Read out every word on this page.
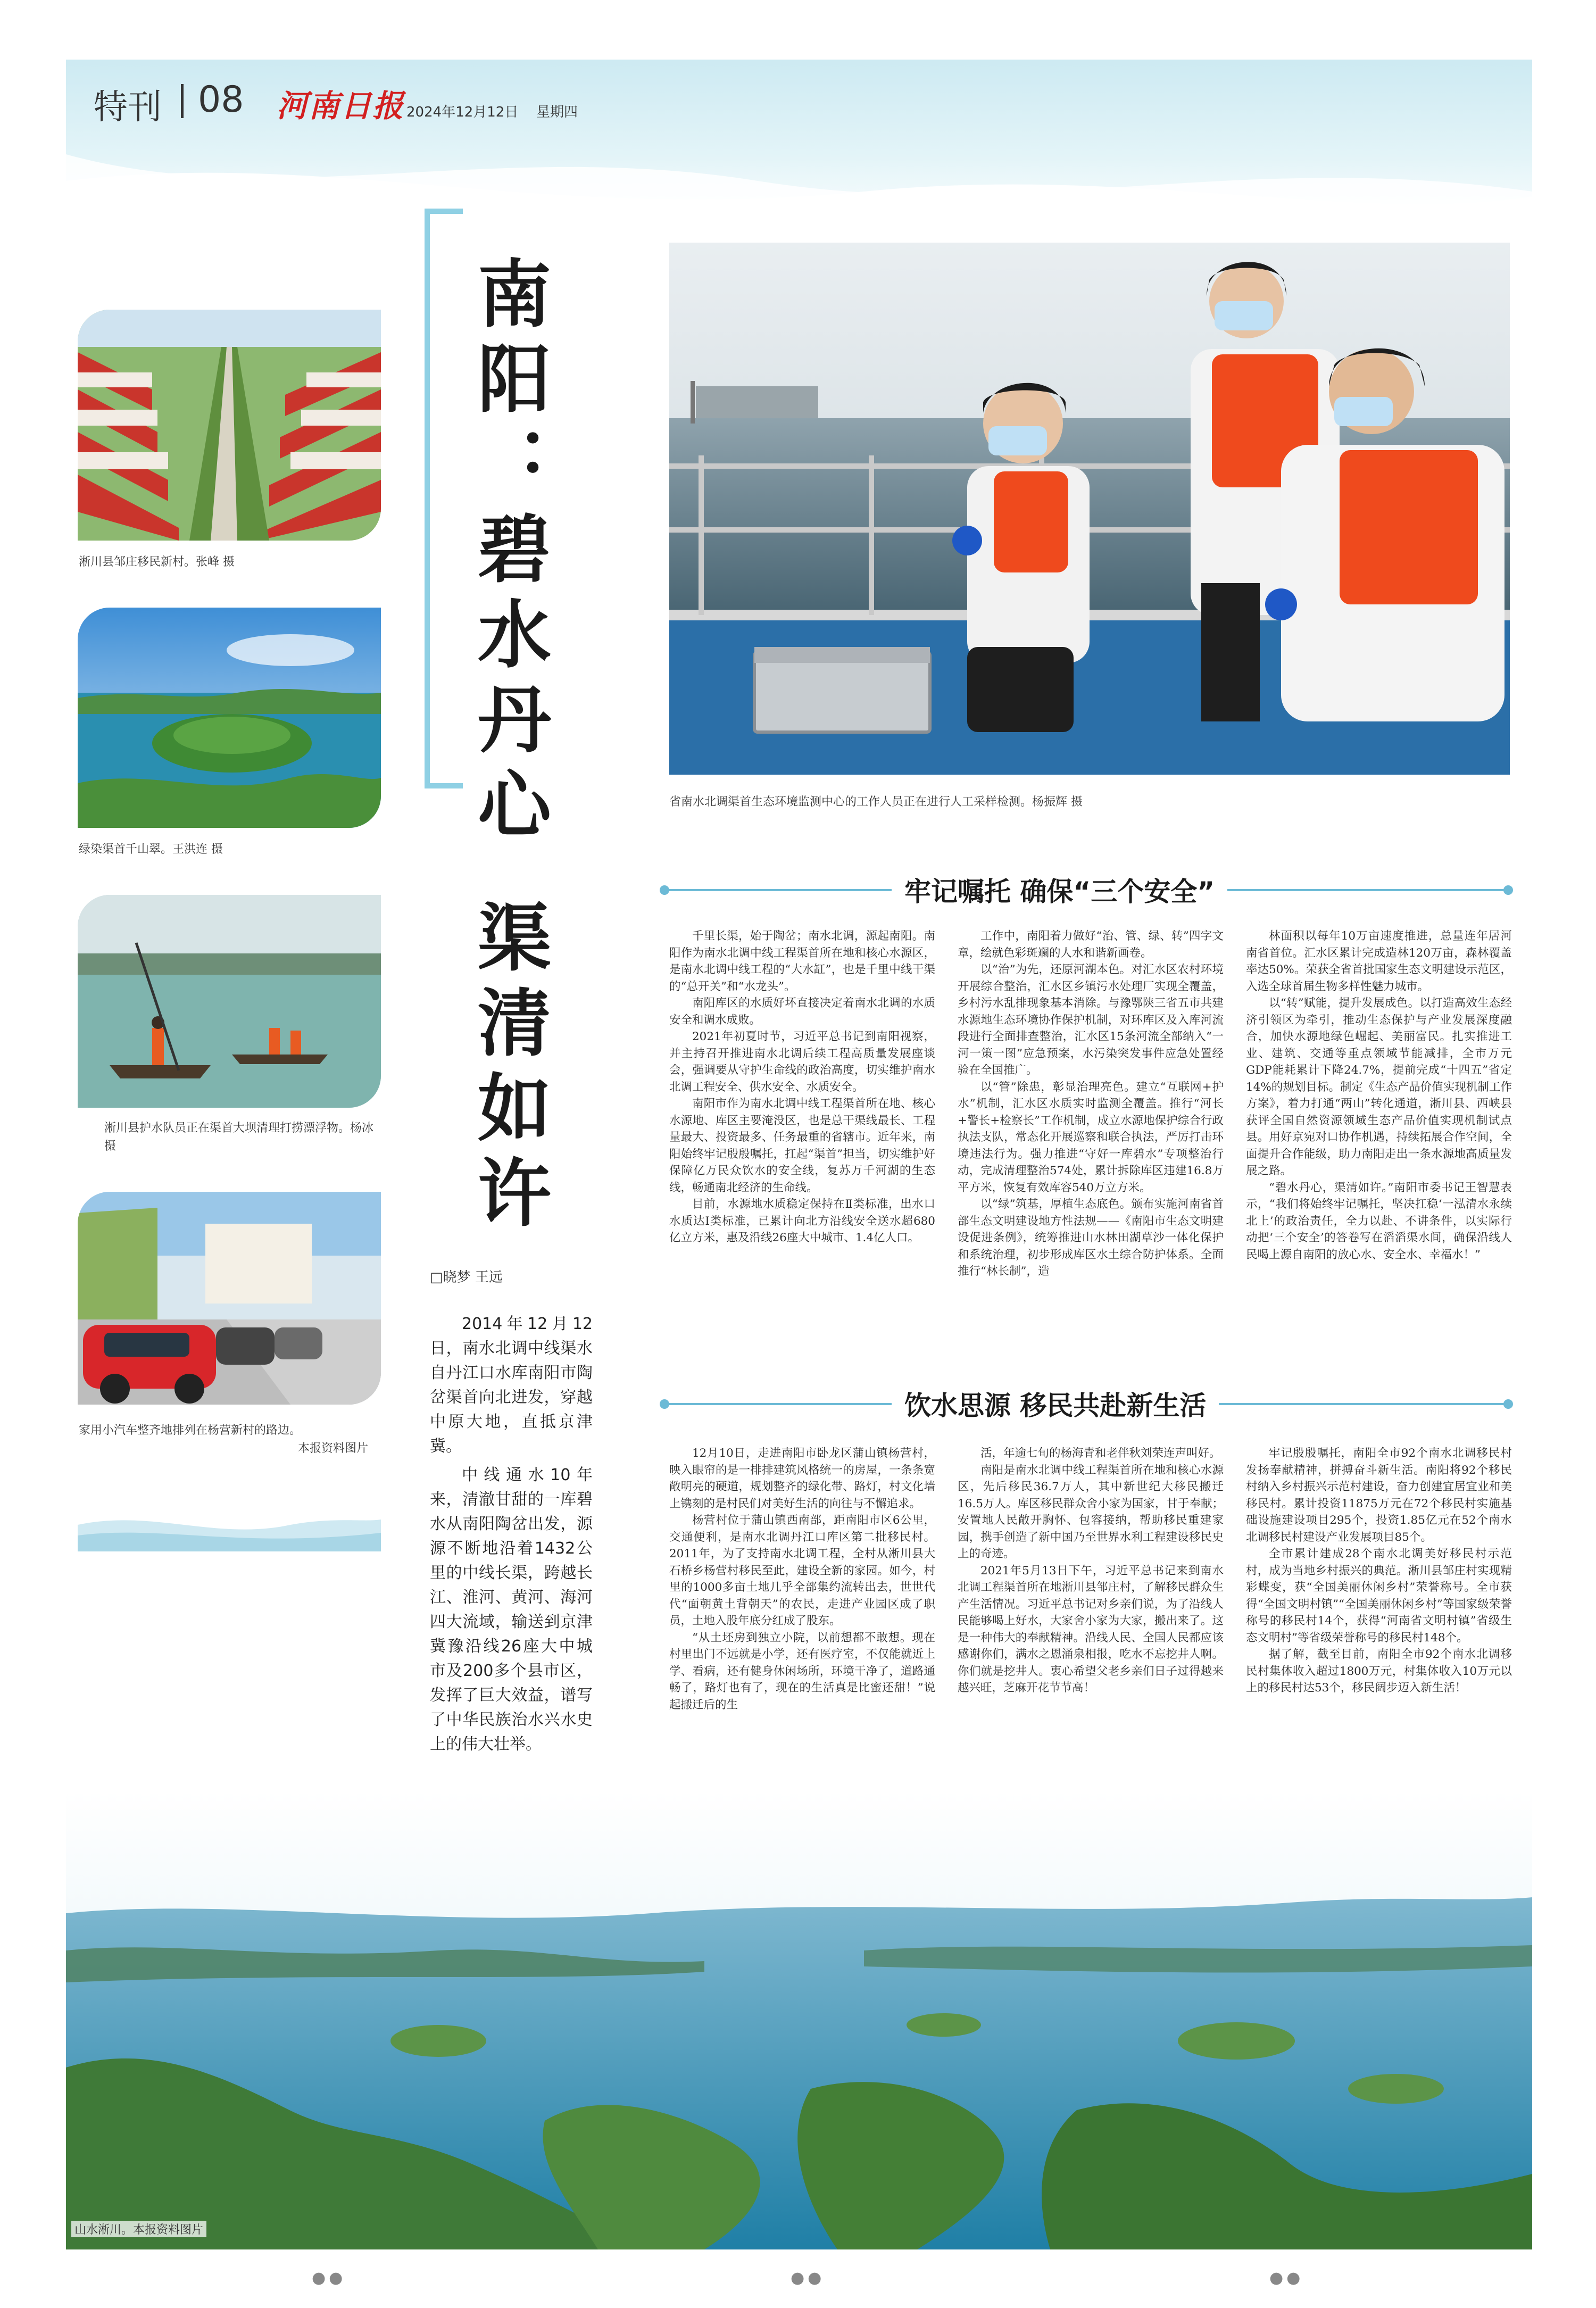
特刊 08 河南日报 2024年12月12日 星期四
淅川县邹庄移民新村。张峰 摄
绿染渠首千山翠。王洪连 摄
淅川县护水队员正在渠首大坝清理打捞漂浮物。杨冰 摄
家用小汽车整齐地排列在杨营新村的路边。
本报资料图片
南阳：碧水丹心
渠清如许
□晓梦 王远

2014年12月12日，南水北调中线渠水自丹江口水库南阳市陶岔渠首向北进发，穿越中原大地，直抵京津冀。

中线通水10年来，清澈甘甜的一库碧水从南阳陶岔出发，源源不断地沿着1432公里的中线长渠，跨越长江、淮河、黄河、海河四大流域，输送到京津冀豫沿线26座大中城市及200多个县市区，发挥了巨大效益，谱写了中华民族治水兴水史上的伟大壮举。

省南水北调渠首生态环境监测中心的工作人员正在进行人工采样检测。杨振辉 摄
牢记嘱托 确保“三个安全”

千里长渠，始于陶岔；南水北调，源起南阳。南阳作为南水北调中线工程渠首所在地和核心水源区，是南水北调中线工程的“大水缸”，也是千里中线干渠的“总开关”和“水龙头”。

南阳库区的水质好坏直接决定着南水北调的水质安全和调水成败。

2021年初夏时节，习近平总书记到南阳视察，并主持召开推进南水北调后续工程高质量发展座谈会，强调要从守护生命线的政治高度，切实维护南水北调工程安全、供水安全、水质安全。

南阳市作为南水北调中线工程渠首所在地、核心水源地、库区主要淹没区，也是总干渠线最长、工程量最大、投资最多、任务最重的省辖市。近年来，南阳始终牢记殷殷嘱托，扛起“渠首”担当，切实维护好保障亿万民众饮水的安全线，复苏万千河湖的生态线，畅通南北经济的生命线。

目前，水源地水质稳定保持在Ⅱ类标准，出水口水质达Ⅰ类标准，已累计向北方沿线安全送水超680亿立方米，惠及沿线26座大中城市、1.4亿人口。

工作中，南阳着力做好“治、管、绿、转”四字文章，绘就色彩斑斓的人水和谐新画卷。

以“治”为先，还原河湖本色。对汇水区农村环境开展综合整治，汇水区乡镇污水处理厂实现全覆盖，乡村污水乱排现象基本消除。与豫鄂陕三省五市共建水源地生态环境协作保护机制，对环库区及入库河流段进行全面排查整治，汇水区15条河流全部纳入“一河一策一图”应急预案，水污染突发事件应急处置经验在全国推广。

以“管”除患，彰显治理亮色。建立“互联网+护水”机制，汇水区水质实时监测全覆盖。推行“河长+警长+检察长”工作机制，成立水源地保护综合行政执法支队，常态化开展巡察和联合执法，严厉打击环境违法行为。强力推进“守好一库碧水”专项整治行动，完成清理整治574处，累计拆除库区违建16.8万平方米，恢复有效库容540万立方米。

以“绿”筑基，厚植生态底色。颁布实施河南省首部生态文明建设地方性法规——《南阳市生态文明建设促进条例》，统筹推进山水林田湖草沙一体化保护和系统治理，初步形成库区水土综合防护体系。全面推行“林长制”，造

林面积以每年10万亩速度推进，总量连年居河南省首位。汇水区累计完成造林120万亩，森林覆盖率达50%。荣获全省首批国家生态文明建设示范区，入选全球首届生物多样性魅力城市。

以“转”赋能，提升发展成色。以打造高效生态经济引领区为牵引，推动生态保护与产业发展深度融合，加快水源地绿色崛起、美丽富民。扎实推进工业、建筑、交通等重点领域节能减排，全市万元GDP能耗累计下降24.7%，提前完成“十四五”省定14%的规划目标。制定《生态产品价值实现机制工作方案》，着力打通“两山”转化通道，淅川县、西峡县获评全国自然资源领域生态产品价值实现机制试点县。用好京宛对口协作机遇，持续拓展合作空间，全面提升合作能级，助力南阳走出一条水源地高质量发展之路。

“碧水丹心，渠清如许。”南阳市委书记王智慧表示，“我们将始终牢记嘱托，坚决扛稳‘一泓清水永续北上’的政治责任，全力以赴、不讲条件，以实际行动把‘三个安全’的答卷写在滔滔渠水间，确保沿线人民喝上源自南阳的放心水、安全水、幸福水！”

饮水思源 移民共赴新生活

12月10日，走进南阳市卧龙区蒲山镇杨营村，映入眼帘的是一排排建筑风格统一的房屋，一条条宽敞明亮的硬道，规划整齐的绿化带、路灯，村文化墙上镌刻的是村民们对美好生活的向往与不懈追求。

杨营村位于蒲山镇西南部，距南阳市区6公里，交通便利，是南水北调丹江口库区第二批移民村。2011年，为了支持南水北调工程，全村从淅川县大石桥乡杨营村移民至此，建设全新的家园。如今，村里的1000多亩土地几乎全部集约流转出去，世世代代“面朝黄土背朝天”的农民，走进产业园区成了职员，土地入股年底分红成了股东。

“从土坯房到独立小院，以前想都不敢想。现在村里出门不远就是小学，还有医疗室，不仅能就近上学、看病，还有健身休闲场所，环境干净了，道路通畅了，路灯也有了，现在的生活真是比蜜还甜！”说起搬迁后的生

活，年逾七旬的杨海青和老伴秋刘荣连声叫好。

南阳是南水北调中线工程渠首所在地和核心水源区，先后移民36.7万人，其中新世纪大移民搬迁16.5万人。库区移民群众舍小家为国家，甘于奉献；安置地人民敞开胸怀、包容接纳，帮助移民重建家园，携手创造了新中国乃至世界水利工程建设移民史上的奇迹。

2021年5月13日下午，习近平总书记来到南水北调工程渠首所在地淅川县邹庄村，了解移民群众生产生活情况。习近平总书记对乡亲们说，为了沿线人民能够喝上好水，大家舍小家为大家，搬出来了。这是一种伟大的奉献精神。沿线人民、全国人民都应该感谢你们，满水之恩涌泉相报，吃水不忘挖井人啊。你们就是挖井人。衷心希望父老乡亲们日子过得越来越兴旺，芝麻开花节节高！

牢记殷殷嘱托，南阳全市92个南水北调移民村发扬奉献精神，拼搏奋斗新生活。南阳将92个移民村纳入乡村振兴示范村建设，奋力创建宜居宜业和美移民村。累计投资11875万元在72个移民村实施基础设施建设项目295个，投资1.85亿元在52个南水北调移民村建设产业发展项目85个。

全市累计建成28个南水北调美好移民村示范村，成为当地乡村振兴的典范。淅川县邹庄村实现精彩蝶变，获“全国美丽休闲乡村”荣誉称号。全市获得“全国文明村镇”“全国美丽休闲乡村”等国家级荣誉称号的移民村14个，获得“河南省文明村镇”省级生态文明村”等省级荣誉称号的移民村148个。

据了解，截至目前，南阳全市92个南水北调移民村集体收入超过1800万元，村集体收入10万元以上的移民村达53个，移民阔步迈入新生活！

山水淅川。本报资料图片
●●	●●	●●
